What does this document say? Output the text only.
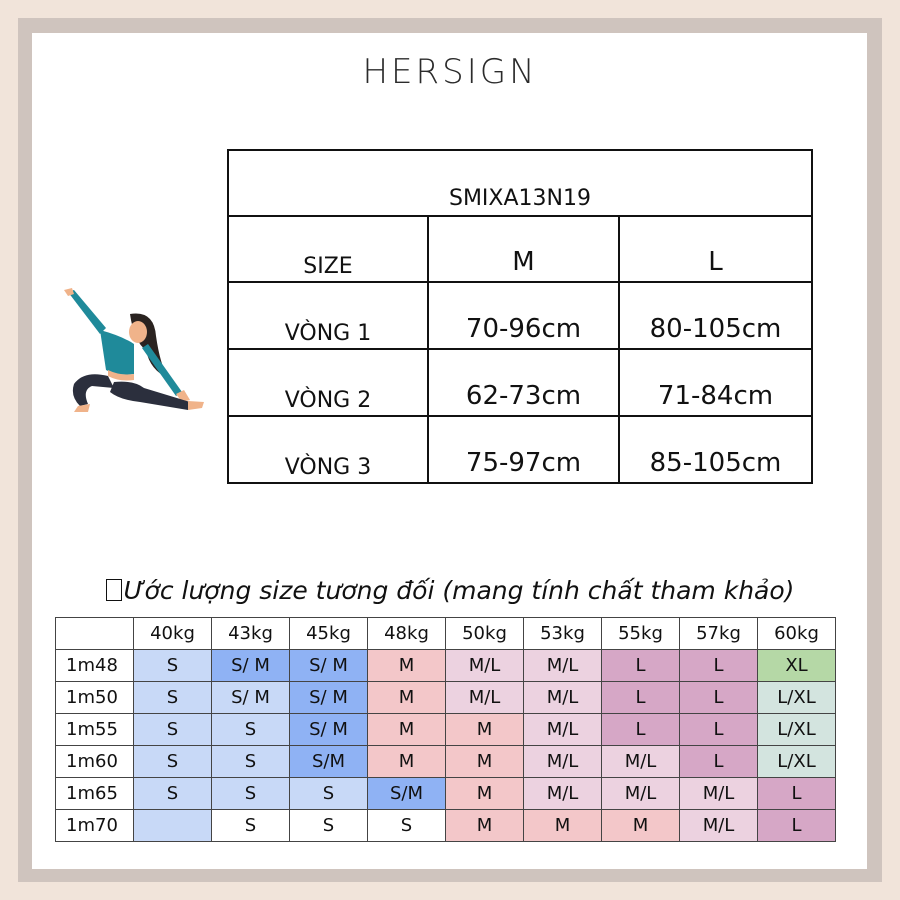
HERSIGN
SMIXA13N19		
SIZE	M	L
VÒNG 1	70-96cm	80-105cm
VÒNG 2	62-73cm	71-84cm
VÒNG 3	75-97cm	85-105cm
Ước lượng size tương đối (mang tính chất tham khảo)
	40kg	43kg	45kg	48kg	50kg	53kg	55kg	57kg	60kg
1m48	S	S/ M	S/ M	M	M/L	M/L	L	L	XL
1m50	S	S/ M	S/ M	M	M/L	M/L	L	L	L/XL
1m55	S	S	S/ M	M	M	M/L	L	L	L/XL
1m60	S	S	S/M	M	M	M/L	M/L	L	L/XL
1m65	S	S	S	S/M	M	M/L	M/L	M/L	L
1m70		S	S	S	M	M	M	M/L	L
